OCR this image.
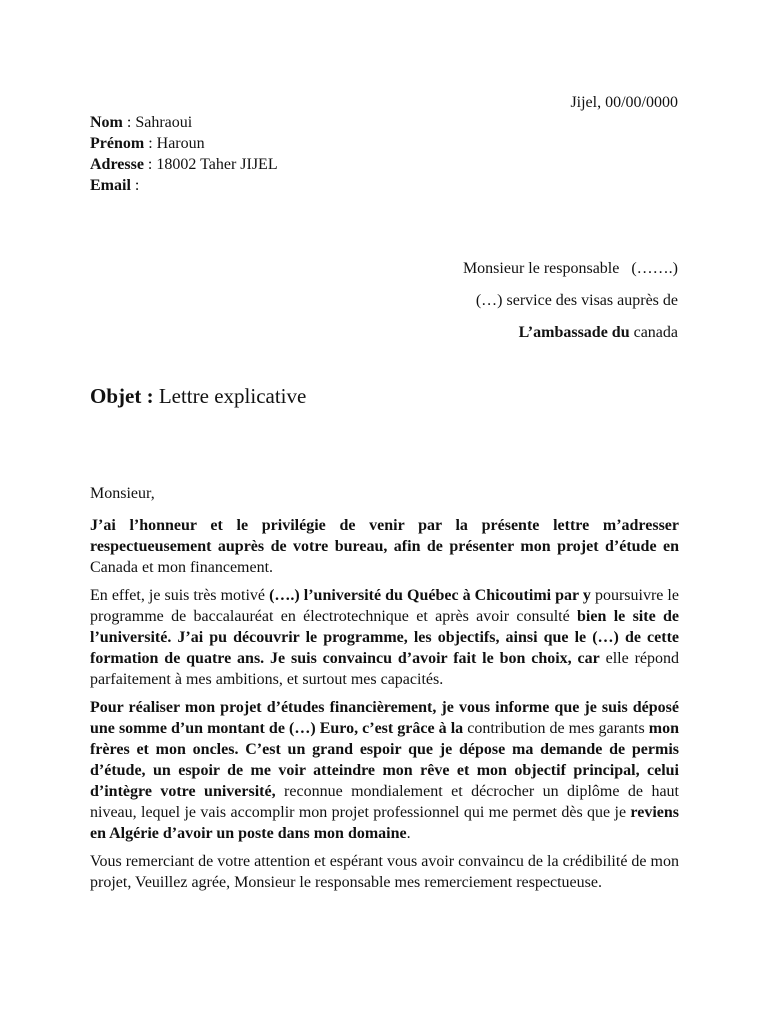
Jijel, 00/00/0000
Nom : Sahraoui
Prénom : Haroun
Adresse : 18002 Taher JIJEL
Email :
Monsieur le responsable   (…….)
(…) service des visas auprès de
L’ambassade du canada
Objet : Lettre explicative

Monsieur,

J’ai l’honneur et le privilégie de venir par la présente lettre m’adresser respectueusement auprès de votre bureau, afin de présenter mon projet d’étude en Canada et mon financement.

En effet, je suis très motivé (….) l’université du Québec à Chicoutimi par y poursuivre le programme de baccalauréat en électrotechnique et après avoir consulté bien le site de l’université. J’ai pu découvrir le programme, les objectifs, ainsi que le (…) de cette formation de quatre ans. Je suis convaincu d’avoir fait le bon choix, car elle répond parfaitement à mes ambitions, et surtout mes capacités.

Pour réaliser mon projet d’études financièrement, je vous informe que je suis déposé une somme d’un montant de (…) Euro, c’est grâce à la contribution de mes garants mon frères et mon oncles. C’est un grand espoir que je dépose ma demande de permis d’étude, un espoir de me voir atteindre mon rêve et mon objectif principal, celui d’intègre votre université, reconnue mondialement et décrocher un diplôme de haut niveau, lequel je vais accomplir mon projet professionnel qui me permet dès que je reviens en Algérie d’avoir un poste dans mon domaine.

Vous remerciant de votre attention et espérant vous avoir convaincu de la crédibilité de mon projet, Veuillez agrée, Monsieur le responsable mes remerciement respectueuse.
